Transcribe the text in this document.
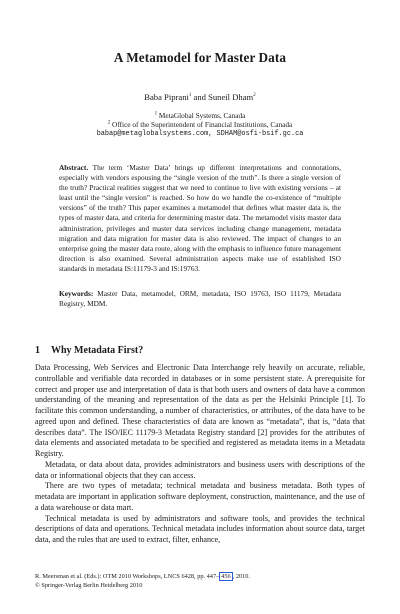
A Metamodel for Master Data
Baba Piprani$^1$ and Suneil Dham$^2$
$^1$ MetaGlobal Systems, Canada
$^2$ Office of the Superintendent of Financial Institutions, Canada
babap@metaglobalsystems.com, SDHAM@osfi-bsif.gc.ca
Abstract. The term ‘Master Data’ brings up different interpretations and connotations, especially with vendors espousing the “single version of the truth”. Is there a single version of the truth? Practical realities suggest that we need to continue to live with existing versions – at least until the “single version” is reached. So how do we handle the co-existence of “multiple versions” of the truth? This paper examines a metamodel that defines what master data is, the types of master data, and criteria for determining master data. The metamodel visits master data administration, privileges and master data services including change management, metadata migration and data migration for master data is also reviewed. The impact of changes to an enterprise going the master data route, along with the emphasis to influence future management direction is also examined. Several administration aspects make use of established ISO standards in metadata IS:11179-3 and IS:19763.
Keywords: Master Data, metamodel, ORM, metadata, ISO 19763, ISO 11179, Metadata Registry, MDM.
1 Why Metadata First?

Data Processing, Web Services and Electronic Data Interchange rely heavily on accurate, reliable, controllable and verifiable data recorded in databases or in some persistent state. A prerequisite for correct and proper use and interpretation of data is that both users and owners of data have a common understanding of the meaning and representation of the data as per the Helsinki Principle [1]. To facilitate this common understanding, a number of characteristics, or attributes, of the data have to be agreed upon and defined. These characteristics of data are known as “metadata”, that is, “data that describes data”. The ISO/IEC 11179-3 Metadata Registry standard [2] provides for the attributes of data elements and associated metadata to be specified and registered as metadata items in a Metadata Registry.

Metadata, or data about data, provides administrators and business users with descriptions of the data or informational objects that they can access.

There are two types of metadata; technical metadata and business metadata. Both types of metadata are important in application software deployment, construction, maintenance, and the use of a data warehouse or data mart.

Technical metadata is used by administrators and software tools, and provides the technical descriptions of data and operations. Technical metadata includes information about source data, target data, and the rules that are used to extract, filter, enhance,

R. Meersman et al. (Eds.): OTM 2010 Workshops, LNCS 6428, pp. 447– 456 , 2010.
© Springer-Verlag Berlin Heidelberg 2010
